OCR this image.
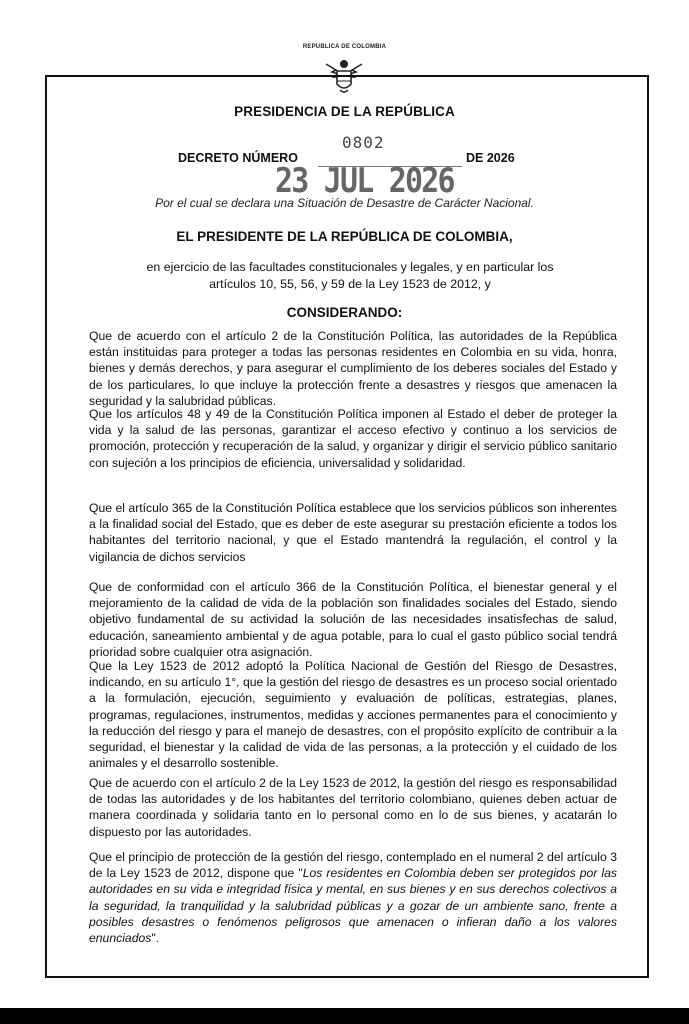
REPUBLICA DE COLOMBIA
PRESIDENCIA DE LA REPÚBLICA
DECRETO NÚMERO
0802
DE 2026
23 JUL 2026
Por el cual se declara una Situación de Desastre de Carácter Nacional.
EL PRESIDENTE DE LA REPÚBLICA DE COLOMBIA,
en ejercicio de las facultades constitucionales y legales, y en particular los artículos 10, 55, 56, y 59 de la Ley 1523 de 2012, y
CONSIDERANDO:

Que de acuerdo con el artículo 2 de la Constitución Política, las autoridades de la República están instituidas para proteger a todas las personas residentes en Colombia en su vida, honra, bienes y demás derechos, y para asegurar el cumplimiento de los deberes sociales del Estado y de los particulares, lo que incluye la protección frente a desastres y riesgos que amenacen la seguridad y la salubridad públicas.

Que los artículos 48 y 49 de la Constitución Política imponen al Estado el deber de proteger la vida y la salud de las personas, garantizar el acceso efectivo y continuo a los servicios de promoción, protección y recuperación de la salud, y organizar y dirigir el servicio público sanitario con sujeción a los principios de eficiencia, universalidad y solidaridad.

Que el artículo 365 de la Constitución Política establece que los servicios públicos son inherentes a la finalidad social del Estado, que es deber de este asegurar su prestación eficiente a todos los habitantes del territorio nacional, y que el Estado mantendrá la regulación, el control y la vigilancia de dichos servicios

Que de conformidad con el artículo 366 de la Constitución Política, el bienestar general y el mejoramiento de la calidad de vida de la población son finalidades sociales del Estado, siendo objetivo fundamental de su actividad la solución de las necesidades insatisfechas de salud, educación, saneamiento ambiental y de agua potable, para lo cual el gasto público social tendrá prioridad sobre cualquier otra asignación.

Que la Ley 1523 de 2012 adoptó la Política Nacional de Gestión del Riesgo de Desastres, indicando, en su artículo 1°, que la gestión del riesgo de desastres es un proceso social orientado a la formulación, ejecución, seguimiento y evaluación de políticas, estrategias, planes, programas, regulaciones, instrumentos, medidas y acciones permanentes para el conocimiento y la reducción del riesgo y para el manejo de desastres, con el propósito explícito de contribuir a la seguridad, el bienestar y la calidad de vida de las personas, a la protección y el cuidado de los animales y el desarrollo sostenible.

Que de acuerdo con el artículo 2 de la Ley 1523 de 2012, la gestión del riesgo es responsabilidad de todas las autoridades y de los habitantes del territorio colombiano, quienes deben actuar de manera coordinada y solidaria tanto en lo personal como en lo de sus bienes, y acatarán lo dispuesto por las autoridades.

Que el principio de protección de la gestión del riesgo, contemplado en el numeral 2 del artículo 3 de la Ley 1523 de 2012, dispone que "Los residentes en Colombia deben ser protegidos por las autoridades en su vida e integridad física y mental, en sus bienes y en sus derechos colectivos a la seguridad, la tranquilidad y la salubridad públicas y a gozar de un ambiente sano, frente a posibles desastres o fenómenos peligrosos que amenacen o infieran daño a los valores enunciados".
